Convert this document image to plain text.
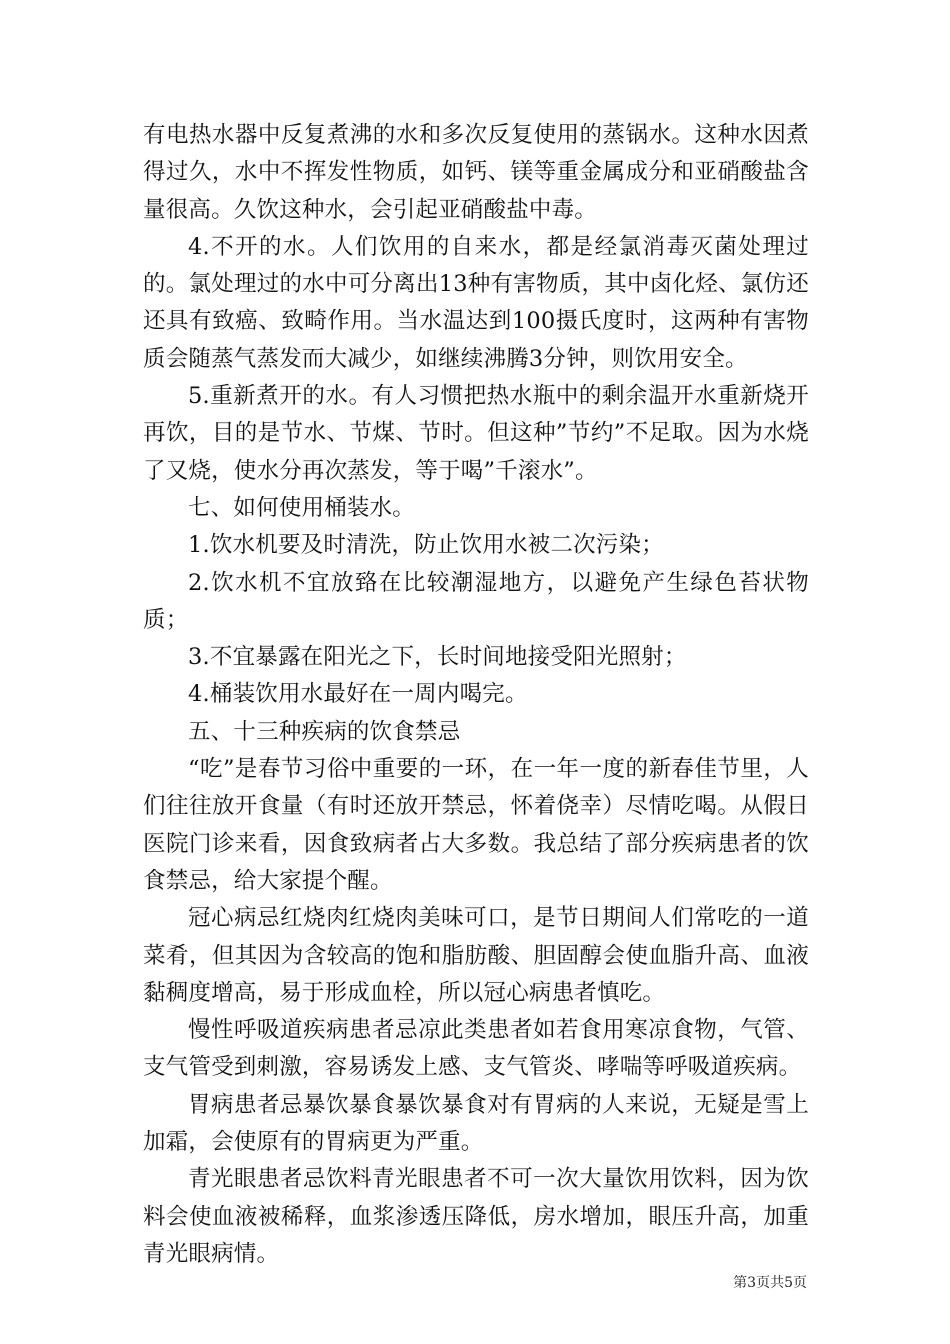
有电热水器中反复煮沸的水和多次反复使用的蒸锅水。这种水因煮得过久，水中不挥发性物质，如钙、镁等重金属成分和亚硝酸盐含量很高。久饮这种水，会引起亚硝酸盐中毒。

4.不开的水。人们饮用的自来水，都是经氯消毒灭菌处理过的。氯处理过的水中可分离出13种有害物质，其中卤化烃、氯仿还还具有致癌、致畸作用。当水温达到100摄氏度时，这两种有害物质会随蒸气蒸发而大减少，如继续沸腾3分钟，则饮用安全。

5.重新煮开的水。有人习惯把热水瓶中的剩余温开水重新烧开再饮，目的是节水、节煤、节时。但这种”节约”不足取。因为水烧了又烧，使水分再次蒸发，等于喝”千滚水”。

七、如何使用桶装水。

1.饮水机要及时清洗，防止饮用水被二次污染；

2.饮水机不宜放臵在比较潮湿地方，以避免产生绿色苔状物质；

3.不宜暴露在阳光之下，长时间地接受阳光照射；

4.桶装饮用水最好在一周内喝完。

五、十三种疾病的饮食禁忌

“吃”是春节习俗中重要的一环，在一年一度的新春佳节里，人们往往放开食量（有时还放开禁忌，怀着侥幸）尽情吃喝。从假日医院门诊来看，因食致病者占大多数。我总结了部分疾病患者的饮食禁忌，给大家提个醒。

冠心病忌红烧肉红烧肉美味可口，是节日期间人们常吃的一道菜肴，但其因为含较高的饱和脂肪酸、胆固醇会使血脂升高、血液黏稠度增高，易于形成血栓，所以冠心病患者慎吃。

慢性呼吸道疾病患者忌凉此类患者如若食用寒凉食物，气管、支气管受到刺激，容易诱发上感、支气管炎、哮喘等呼吸道疾病。

胃病患者忌暴饮暴食暴饮暴食对有胃病的人来说，无疑是雪上加霜，会使原有的胃病更为严重。

青光眼患者忌饮料青光眼患者不可一次大量饮用饮料，因为饮料会使血液被稀释，血浆渗透压降低，房水增加，眼压升高，加重青光眼病情。

第3页共5页
